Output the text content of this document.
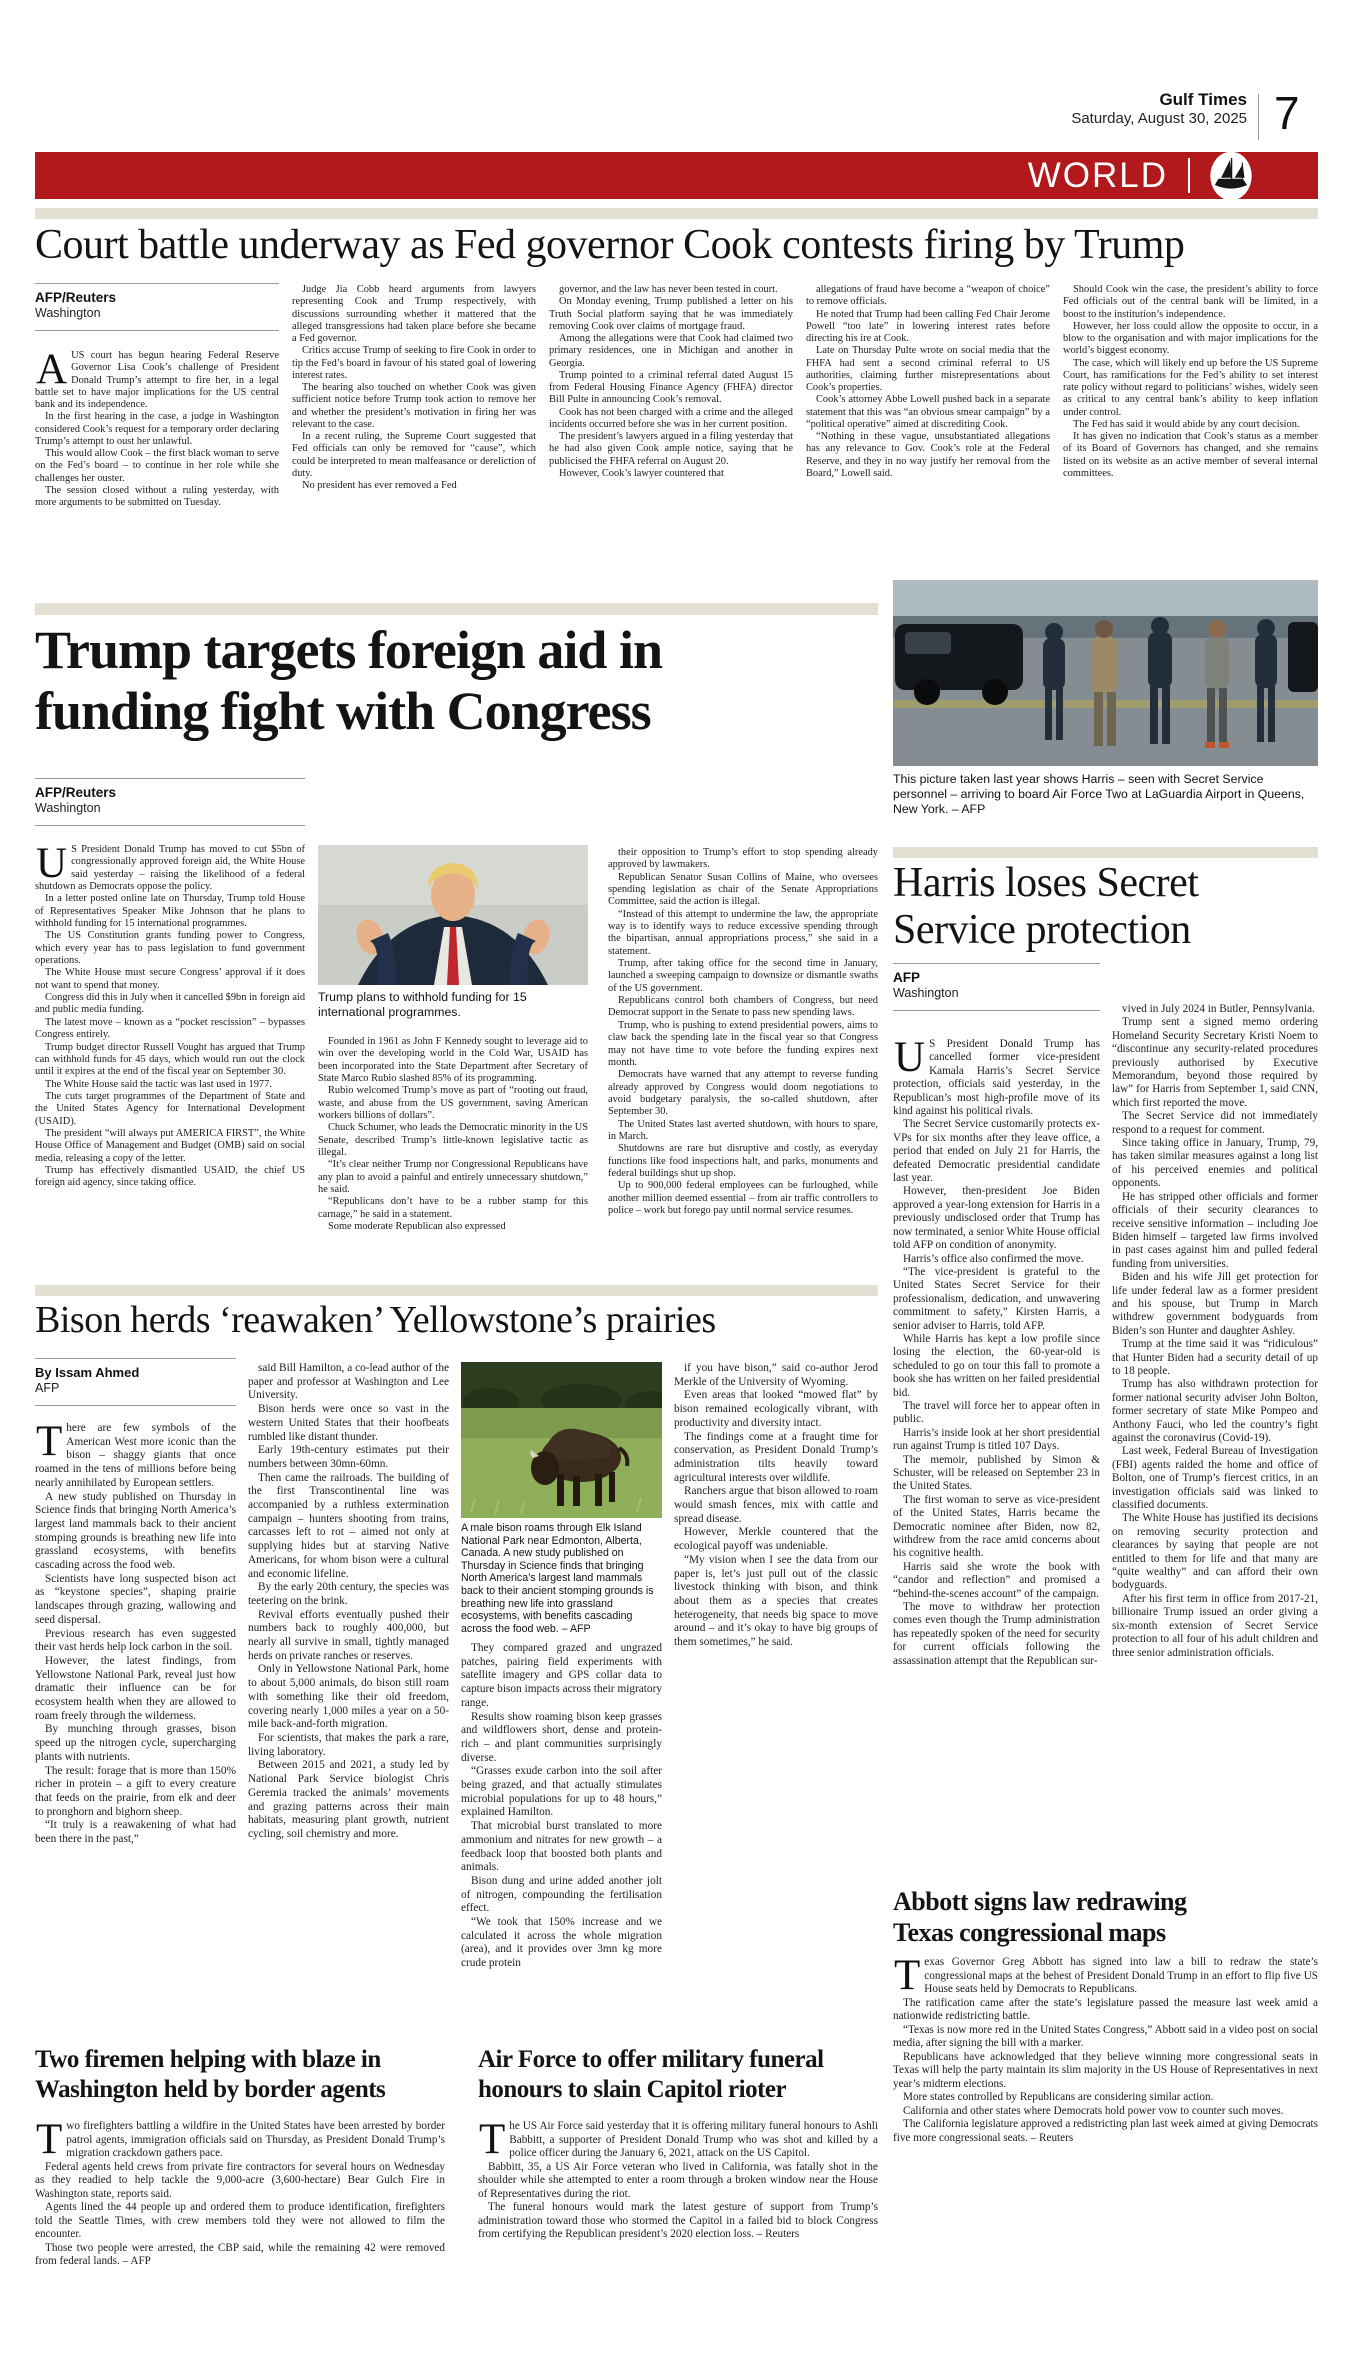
Gulf Times
Saturday, August 30, 2025 7
WORLD
Court battle underway as Fed governor Cook contests firing by Trump
AFP/Reuters
Washington

AUS court has begun hearing Federal Reserve Governor Lisa Cook’s challenge of President Donald Trump’s attempt to fire her, in a legal battle set to have major implications for the US central bank and its independence.

In the first hearing in the case, a judge in Washington considered Cook’s request for a temporary order declaring Trump’s attempt to oust her unlawful.

This would allow Cook – the first black woman to serve on the Fed’s board – to continue in her role while she challenges her ouster.

The session closed without a ruling yesterday, with more arguments to be submitted on Tuesday.

Judge Jia Cobb heard arguments from lawyers representing Cook and Trump respectively, with discussions surrounding whether it mattered that the alleged transgressions had taken place before she became a Fed governor.

Critics accuse Trump of seeking to fire Cook in order to tip the Fed’s board in favour of his stated goal of lowering interest rates.

The hearing also touched on whether Cook was given sufficient notice before Trump took action to remove her and whether the president’s motivation in firing her was relevant to the case.

In a recent ruling, the Supreme Court suggested that Fed officials can only be removed for “cause”, which could be interpreted to mean malfeasance or dereliction of duty.

No president has ever removed a Fed

governor, and the law has never been tested in court.

On Monday evening, Trump published a letter on his Truth Social platform saying that he was immediately removing Cook over claims of mortgage fraud.

Among the allegations were that Cook had claimed two primary residences, one in Michigan and another in Georgia.

Trump pointed to a criminal referral dated August 15 from Federal Housing Finance Agency (FHFA) director Bill Pulte in announcing Cook’s removal.

Cook has not been charged with a crime and the alleged incidents occurred before she was in her current position.

The president’s lawyers argued in a filing yesterday that he had also given Cook ample notice, saying that he publicised the FHFA referral on August 20.

However, Cook’s lawyer countered that

allegations of fraud have become a “weapon of choice” to remove officials.

He noted that Trump had been calling Fed Chair Jerome Powell “too late” in lowering interest rates before directing his ire at Cook.

Late on Thursday Pulte wrote on social media that the FHFA had sent a second criminal referral to US authorities, claiming further misrepresentations about Cook’s properties.

Cook’s attorney Abbe Lowell pushed back in a separate statement that this was “an obvious smear campaign” by a “political operative” aimed at discrediting Cook.

“Nothing in these vague, unsubstantiated allegations has any relevance to Gov. Cook’s role at the Federal Reserve, and they in no way justify her removal from the Board,” Lowell said.

Should Cook win the case, the president’s ability to force Fed officials out of the central bank will be limited, in a boost to the institution’s independence.

However, her loss could allow the opposite to occur, in a blow to the organisation and with major implications for the world’s biggest economy.

The case, which will likely end up before the US Supreme Court, has ramifications for the Fed’s ability to set interest rate policy without regard to politicians’ wishes, widely seen as critical to any central bank’s ability to keep inflation under control.

The Fed has said it would abide by any court decision.

It has given no indication that Cook’s status as a member of its Board of Governors has changed, and she remains listed on its website as an active member of several internal committees.

Trump targets foreign aid in
funding fight with Congress
AFP/Reuters
Washington

U S President Donald Trump has moved to cut $5bn of congressionally approved foreign aid, the White House said yesterday – raising the likelihood of a federal shutdown as Democrats oppose the policy.

In a letter posted online late on Thursday, Trump told House of Representatives Speaker Mike Johnson that he plans to withhold funding for 15 international programmes.

The US Constitution grants funding power to Congress, which every year has to pass legislation to fund government operations.

The White House must secure Congress’ approval if it does not want to spend that money.

Congress did this in July when it cancelled $9bn in foreign aid and public media funding.

The latest move – known as a “pocket rescission” – bypasses Congress entirely.

Trump budget director Russell Vought has argued that Trump can withhold funds for 45 days, which would run out the clock until it expires at the end of the fiscal year on September 30.

The White House said the tactic was last used in 1977.

The cuts target programmes of the Department of State and the United States Agency for International Development (USAID).

The president “will always put AMERICA FIRST”, the White House Office of Management and Budget (OMB) said on social media, releasing a copy of the letter.

Trump has effectively dismantled USAID, the chief US foreign aid agency, since taking office.

Trump plans to withhold funding for 15 international programmes.

Founded in 1961 as John F Kennedy sought to leverage aid to win over the developing world in the Cold War, USAID has been incorporated into the State Department after Secretary of State Marco Rubio slashed 85% of its programming.

Rubio welcomed Trump’s move as part of “rooting out fraud, waste, and abuse from the US government, saving American workers billions of dollars”.

Chuck Schumer, who leads the Democratic minority in the US Senate, described Trump’s little-known legislative tactic as illegal.

“It’s clear neither Trump nor Congressional Republicans have any plan to avoid a painful and entirely unnecessary shutdown,” he said.

“Republicans don’t have to be a rubber stamp for this carnage,” he said in a statement.

Some moderate Republican also expressed

their opposition to Trump’s effort to stop spending already approved by lawmakers.

Republican Senator Susan Collins of Maine, who oversees spending legislation as chair of the Senate Appropriations Committee, said the action is illegal.

“Instead of this attempt to undermine the law, the appropriate way is to identify ways to reduce excessive spending through the bipartisan, annual appropriations process,” she said in a statement.

Trump, after taking office for the second time in January, launched a sweeping campaign to downsize or dismantle swaths of the US government.

Republicans control both chambers of Congress, but need Democrat support in the Senate to pass new spending laws.

Trump, who is pushing to extend presidential powers, aims to claw back the spending late in the fiscal year so that Congress may not have time to vote before the funding expires next month.

Democrats have warned that any attempt to reverse funding already approved by Congress would doom negotiations to avoid budgetary paralysis, the so-called shutdown, after September 30.

The United States last averted shutdown, with hours to spare, in March.

Shutdowns are rare but disruptive and costly, as everyday functions like food inspections halt, and parks, monuments and federal buildings shut up shop.

Up to 900,000 federal employees can be furloughed, while another million deemed essential – from air traffic controllers to police – work but forego pay until normal service resumes.

This picture taken last year shows Harris – seen with Secret Service personnel – arriving to board Air Force Two at LaGuardia Airport in Queens, New York. – AFP
Harris loses Secret
Service protection
AFP
Washington

U S President Donald Trump has cancelled former vice-president Kamala Harris’s Secret Service protection, officials said yesterday, in the Republican’s most high-profile move of its kind against his political rivals.

The Secret Service customarily protects ex-VPs for six months after they leave office, a period that ended on July 21 for Harris, the defeated Democratic presidential candidate last year.

However, then-president Joe Biden approved a year-long extension for Harris in a previously undisclosed order that Trump has now terminated, a senior White House official told AFP on condition of anonymity.

Harris’s office also confirmed the move.

“The vice-president is grateful to the United States Secret Service for their professionalism, dedication, and unwavering commitment to safety,” Kirsten Harris, a senior adviser to Harris, told AFP.

While Harris has kept a low profile since losing the election, the 60-year-old is scheduled to go on tour this fall to promote a book she has written on her failed presidential bid.

The travel will force her to appear often in public.

Harris’s inside look at her short presidential run against Trump is titled 107 Days.

The memoir, published by Simon & Schuster, will be released on September 23 in the United States.

The first woman to serve as vice-president of the United States, Harris became the Democratic nominee after Biden, now 82, withdrew from the race amid concerns about his cognitive health.

Harris said she wrote the book with “candor and reflection” and promised a “behind-the-scenes account” of the campaign.

The move to withdraw her protection comes even though the Trump administration has repeatedly spoken of the need for security for current officials following the assassination attempt that the Republican sur-

vived in July 2024 in Butler, Pennsylvania.

Trump sent a signed memo ordering Homeland Security Secretary Kristi Noem to “discontinue any security-related procedures previously authorised by Executive Memorandum, beyond those required by law” for Harris from September 1, said CNN, which first reported the move.

The Secret Service did not immediately respond to a request for comment.

Since taking office in January, Trump, 79, has taken similar measures against a long list of his perceived enemies and political opponents.

He has stripped other officials and former officials of their security clearances to receive sensitive information – including Joe Biden himself – targeted law firms involved in past cases against him and pulled federal funding from universities.

Biden and his wife Jill get protection for life under federal law as a former president and his spouse, but Trump in March withdrew government bodyguards from Biden’s son Hunter and daughter Ashley.

Trump at the time said it was “ridiculous” that Hunter Biden had a security detail of up to 18 people.

Trump has also withdrawn protection for former national security adviser John Bolton, former secretary of state Mike Pompeo and Anthony Fauci, who led the country’s fight against the coronavirus (Covid-19).

Last week, Federal Bureau of Investigation (FBI) agents raided the home and office of Bolton, one of Trump’s fiercest critics, in an investigation officials said was linked to classified documents.

The White House has justified its decisions on removing security protection and clearances by saying that people are not entitled to them for life and that many are “quite wealthy” and can afford their own bodyguards.

After his first term in office from 2017-21, billionaire Trump issued an order giving a six-month extension of Secret Service protection to all four of his adult children and three senior administration officials.

Bison herds ‘reawaken’ Yellowstone’s prairies
By Issam Ahmed
AFP

There are few symbols of the American West more iconic than the bison – shaggy giants that once roamed in the tens of millions before being nearly annihilated by European settlers.

A new study published on Thursday in Science finds that bringing North America’s largest land mammals back to their ancient stomping grounds is breathing new life into grassland ecosystems, with benefits cascading across the food web.

Scientists have long suspected bison act as “keystone species”, shaping prairie landscapes through grazing, wallowing and seed dispersal.

Previous research has even suggested their vast herds help lock carbon in the soil.

However, the latest findings, from Yellowstone National Park, reveal just how dramatic their influence can be for ecosystem health when they are allowed to roam freely through the wilderness.

By munching through grasses, bison speed up the nitrogen cycle, supercharging plants with nutrients.

The result: forage that is more than 150% richer in protein – a gift to every creature that feeds on the prairie, from elk and deer to pronghorn and bighorn sheep.

“It truly is a reawakening of what had been there in the past,”

said Bill Hamilton, a co-lead author of the paper and professor at Washington and Lee University.

Bison herds were once so vast in the western United States that their hoofbeats rumbled like distant thunder.

Early 19th-century estimates put their numbers between 30mn-60mn.

Then came the railroads. The building of the first Transcontinental line was accompanied by a ruthless extermination campaign – hunters shooting from trains, carcasses left to rot – aimed not only at supplying hides but at starving Native Americans, for whom bison were a cultural and economic lifeline.

By the early 20th century, the species was teetering on the brink.

Revival efforts eventually pushed their numbers back to roughly 400,000, but nearly all survive in small, tightly managed herds on private ranches or reserves.

Only in Yellowstone National Park, home to about 5,000 animals, do bison still roam with something like their old freedom, covering nearly 1,000 miles a year on a 50-mile back-and-forth migration.

For scientists, that makes the park a rare, living laboratory.

Between 2015 and 2021, a study led by National Park Service biologist Chris Geremia tracked the animals’ movements and grazing patterns across their main habitats, measuring plant growth, nutrient cycling, soil chemistry and more.

A male bison roams through Elk Island National Park near Edmonton, Alberta, Canada. A new study published on Thursday in Science finds that bringing North America’s largest land mammals back to their ancient stomping grounds is breathing new life into grassland ecosystems, with benefits cascading across the food web. – AFP

They compared grazed and ungrazed patches, pairing field experiments with satellite imagery and GPS collar data to capture bison impacts across their migratory range.

Results show roaming bison keep grasses and wildflowers short, dense and protein-rich – and plant communities surprisingly diverse.

“Grasses exude carbon into the soil after being grazed, and that actually stimulates microbial populations for up to 48 hours,” explained Hamilton.

That microbial burst translated to more ammonium and nitrates for new growth – a feedback loop that boosted both plants and animals.

Bison dung and urine added another jolt of nitrogen, compounding the fertilisation effect.

“We took that 150% increase and we calculated it across the whole migration (area), and it provides over 3mn kg more crude protein

if you have bison,” said co-author Jerod Merkle of the University of Wyoming.

Even areas that looked “mowed flat” by bison remained ecologically vibrant, with productivity and diversity intact.

The findings come at a fraught time for conservation, as President Donald Trump’s administration tilts heavily toward agricultural interests over wildlife.

Ranchers argue that bison allowed to roam would smash fences, mix with cattle and spread disease.

However, Merkle countered that the ecological payoff was undeniable.

“My vision when I see the data from our paper is, let’s just pull out of the classic livestock thinking with bison, and think about them as a species that creates heterogeneity, that needs big space to move around – and it’s okay to have big groups of them sometimes,” he said.

Two firemen helping with blaze in
Washington held by border agents

Two firefighters battling a wildfire in the United States have been arrested by border patrol agents, immigration officials said on Thursday, as President Donald Trump’s migration crackdown gathers pace.

Federal agents held crews from private fire contractors for several hours on Wednesday as they readied to help tackle the 9,000-acre (3,600-hectare) Bear Gulch Fire in Washington state, reports said.

Agents lined the 44 people up and ordered them to produce identification, firefighters told the Seattle Times, with crew members told they were not allowed to film the encounter.

Those two people were arrested, the CBP said, while the remaining 42 were removed from federal lands. – AFP

Air Force to offer military funeral
honours to slain Capitol rioter

The US Air Force said yesterday that it is offering military funeral honours to Ashli Babbitt, a supporter of President Donald Trump who was shot and killed by a police officer during the January 6, 2021, attack on the US Capitol.

Babbitt, 35, a US Air Force veteran who lived in California, was fatally shot in the shoulder while she attempted to enter a room through a broken window near the House of Representatives during the riot.

The funeral honours would mark the latest gesture of support from Trump’s administration toward those who stormed the Capitol in a failed bid to block Congress from certifying the Republican president’s 2020 election loss. – Reuters

Abbott signs law redrawing
Texas congressional maps

Texas Governor Greg Abbott has signed into law a bill to redraw the state’s congressional maps at the behest of President Donald Trump in an effort to flip five US House seats held by Democrats to Republicans.

The ratification came after the state’s legislature passed the measure last week amid a nationwide redistricting battle.

“Texas is now more red in the United States Congress,” Abbott said in a video post on social media, after signing the bill with a marker.

Republicans have acknowledged that they believe winning more congressional seats in Texas will help the party maintain its slim majority in the US House of Representatives in next year’s midterm elections.

More states controlled by Republicans are considering similar action.

California and other states where Democrats hold power vow to counter such moves.

The California legislature approved a redistricting plan last week aimed at giving Democrats five more congressional seats. – Reuters
